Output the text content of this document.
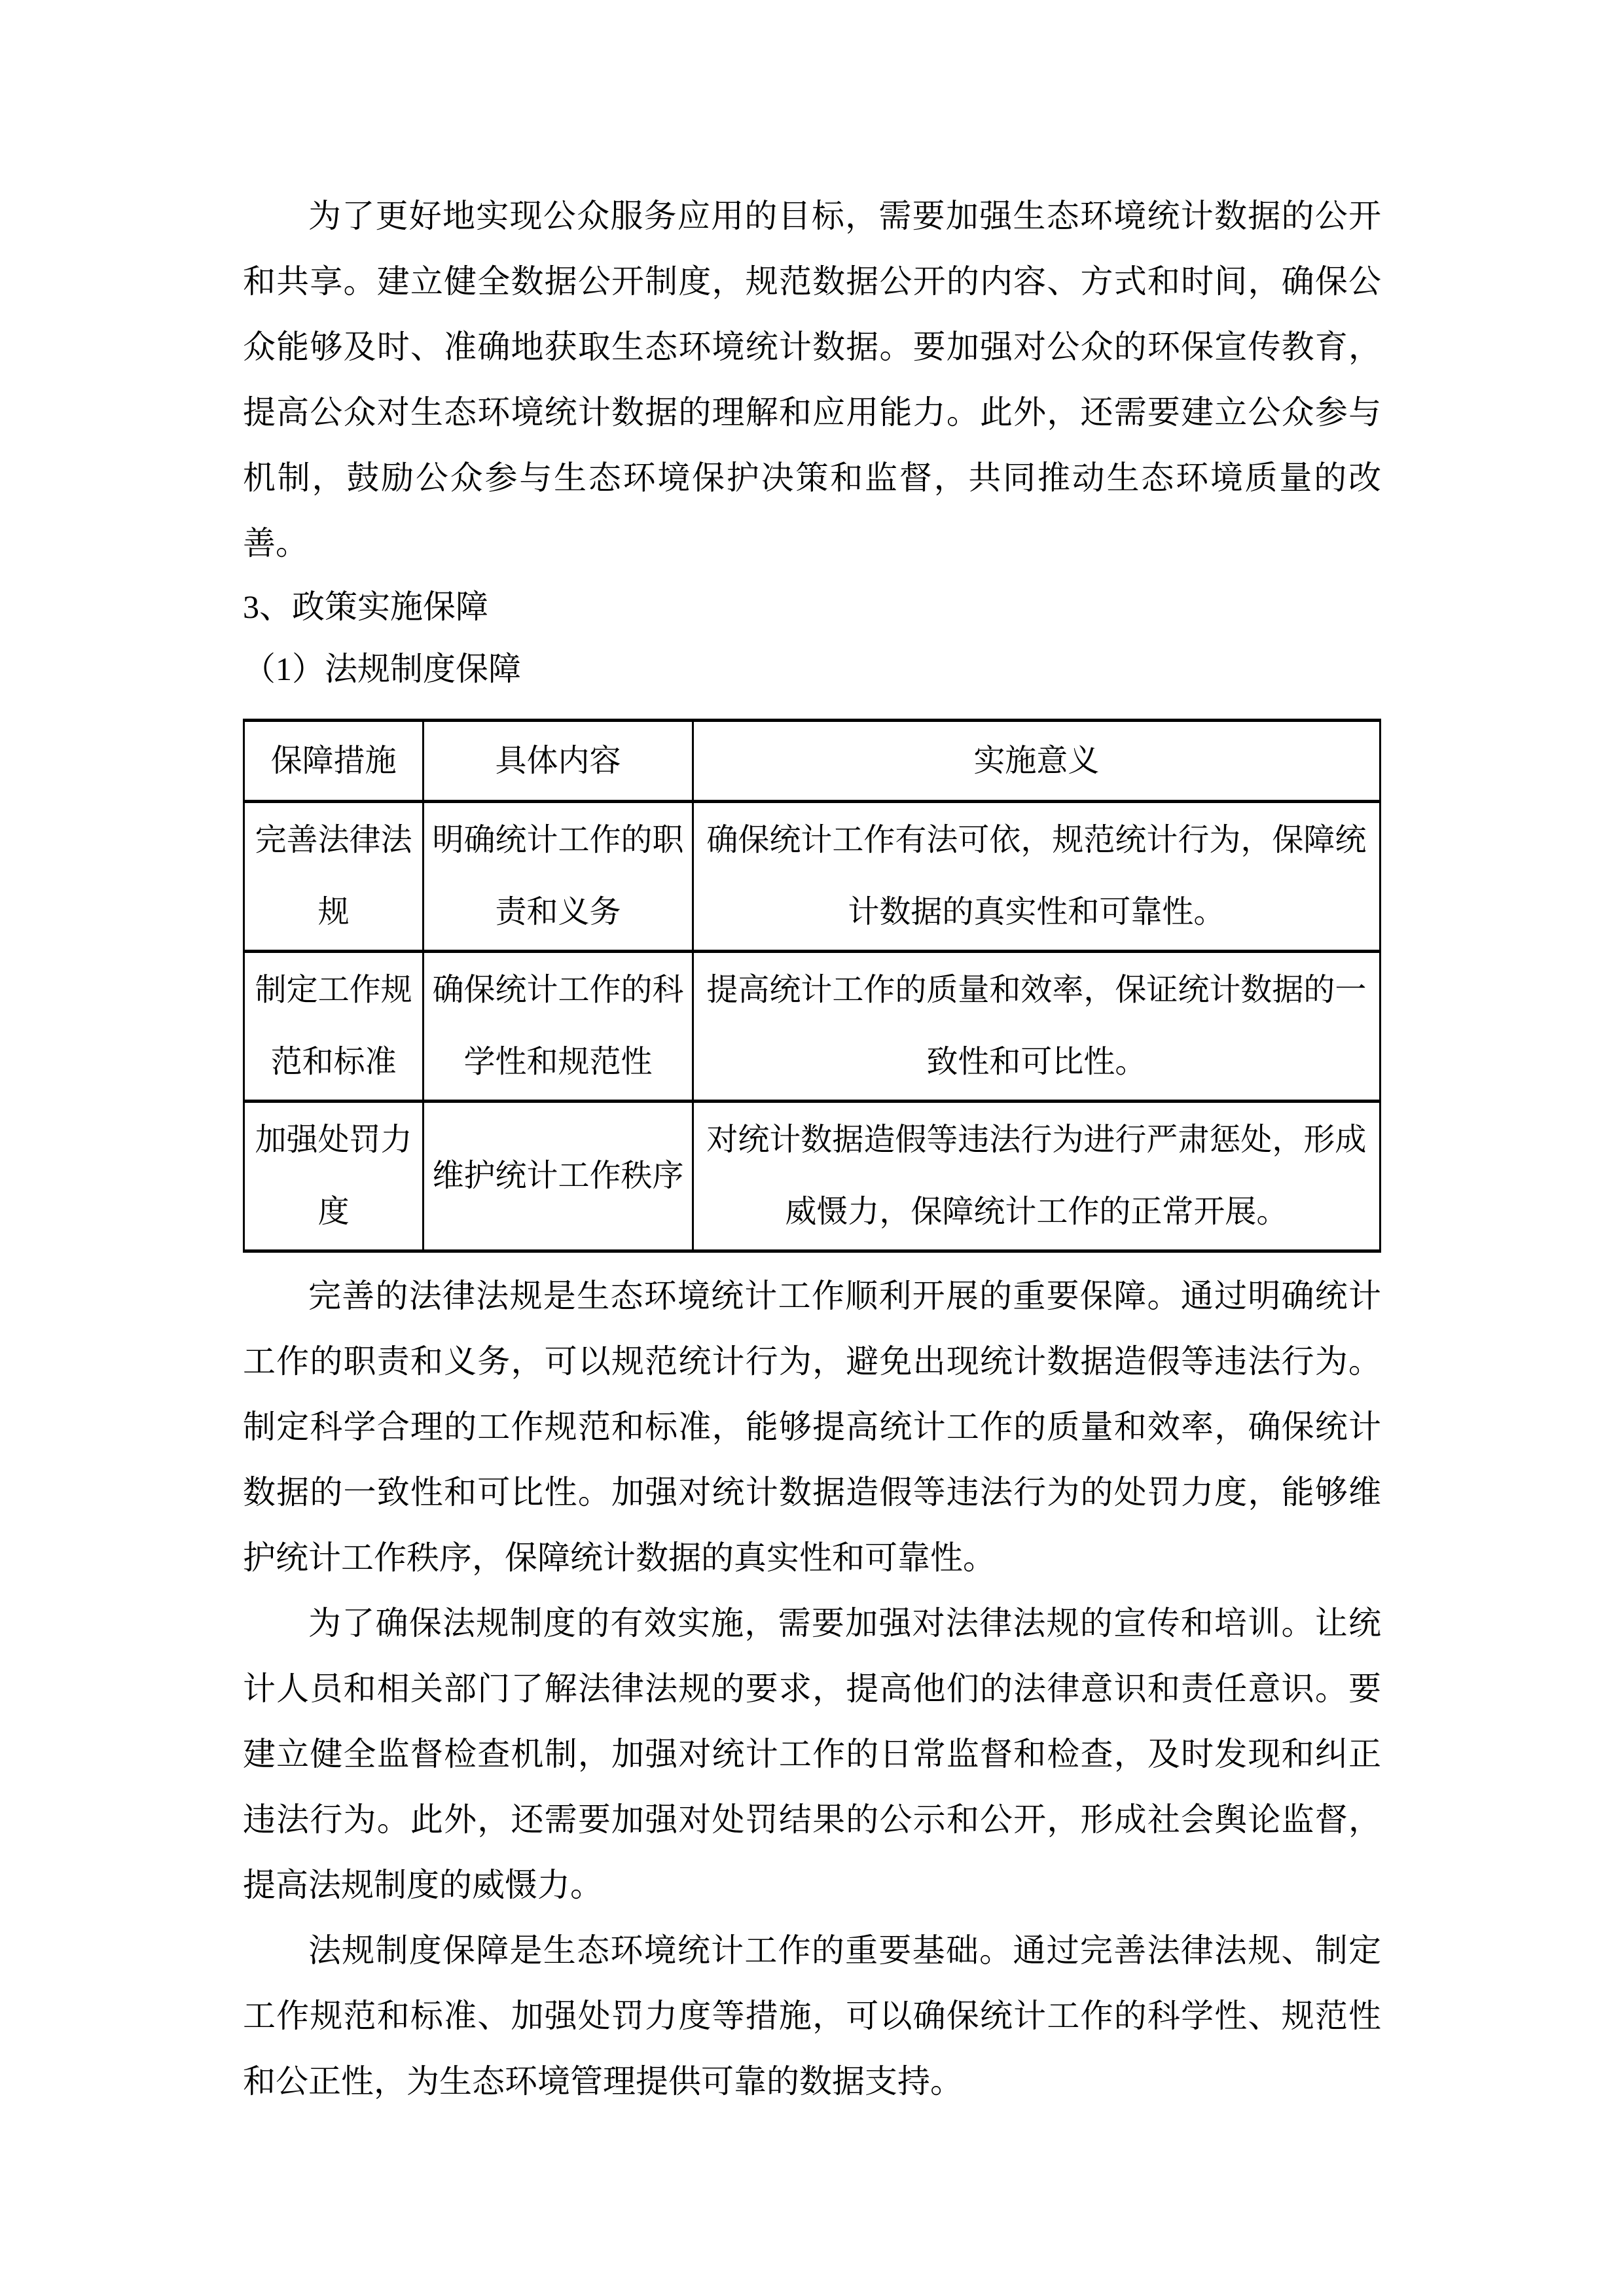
为了更好地实现公众服务应用的目标，需要加强生态环境统计数据的公开和共享。建立健全数据公开制度，规范数据公开的内容、方式和时间，确保公众能够及时、准确地获取生态环境统计数据。要加强对公众的环保宣传教育，提高公众对生态环境统计数据的理解和应用能力。此外，还需要建立公众参与机制，鼓励公众参与生态环境保护决策和监督，共同推动生态环境质量的改善。

3、政策实施保障
（1）法规制度保障
保障措施	具体内容	实施意义
完善法律法规	明确统计工作的职责和义务	确保统计工作有法可依，规范统计行为，保障统计数据的真实性和可靠性。
制定工作规范和标准	确保统计工作的科学性和规范性	提高统计工作的质量和效率，保证统计数据的一致性和可比性。
加强处罚力度	维护统计工作秩序	对统计数据造假等违法行为进行严肃惩处，形成威慑力，保障统计工作的正常开展。

完善的法律法规是生态环境统计工作顺利开展的重要保障。通过明确统计工作的职责和义务，可以规范统计行为，避免出现统计数据造假等违法行为。制定科学合理的工作规范和标准，能够提高统计工作的质量和效率，确保统计数据的一致性和可比性。加强对统计数据造假等违法行为的处罚力度，能够维护统计工作秩序，保障统计数据的真实性和可靠性。

为了确保法规制度的有效实施，需要加强对法律法规的宣传和培训。让统计人员和相关部门了解法律法规的要求，提高他们的法律意识和责任意识。要建立健全监督检查机制，加强对统计工作的日常监督和检查，及时发现和纠正违法行为。此外，还需要加强对处罚结果的公示和公开，形成社会舆论监督，提高法规制度的威慑力。

法规制度保障是生态环境统计工作的重要基础。通过完善法律法规、制定工作规范和标准、加强处罚力度等措施，可以确保统计工作的科学性、规范性和公正性，为生态环境管理提供可靠的数据支持。
